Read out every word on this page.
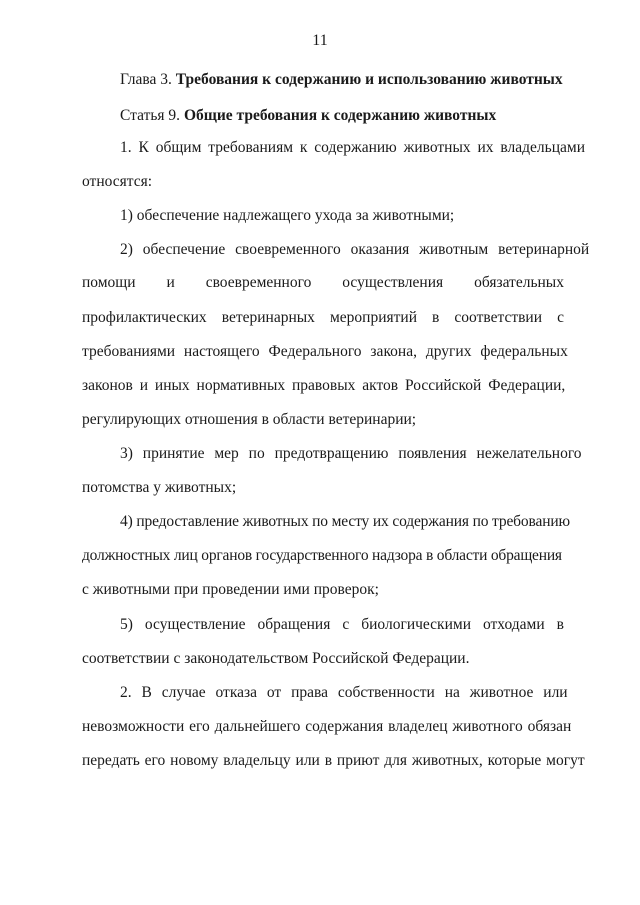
11
Глава 3. Требования к содержанию и использованию животных
Статья 9. Общие требования к содержанию животных
1. К общим требованиям к содержанию животных их владельцами
относятся:
1) обеспечение надлежащего ухода за животными;
2) обеспечение своевременного оказания животным ветеринарной
помощи и своевременного осуществления обязательных
профилактических ветеринарных мероприятий в соответствии с
требованиями настоящего Федерального закона, других федеральных
законов и иных нормативных правовых актов Российской Федерации,
регулирующих отношения в области ветеринарии;
3) принятие мер по предотвращению появления нежелательного
потомства у животных;
4) предоставление животных по месту их содержания по требованию
должностных лиц органов государственного надзора в области обращения
с животными при проведении ими проверок;
5) осуществление обращения с биологическими отходами в
соответствии с законодательством Российской Федерации.
2. В случае отказа от права собственности на животное или
невозможности его дальнейшего содержания владелец животного обязан
передать его новому владельцу или в приют для животных, которые могут
